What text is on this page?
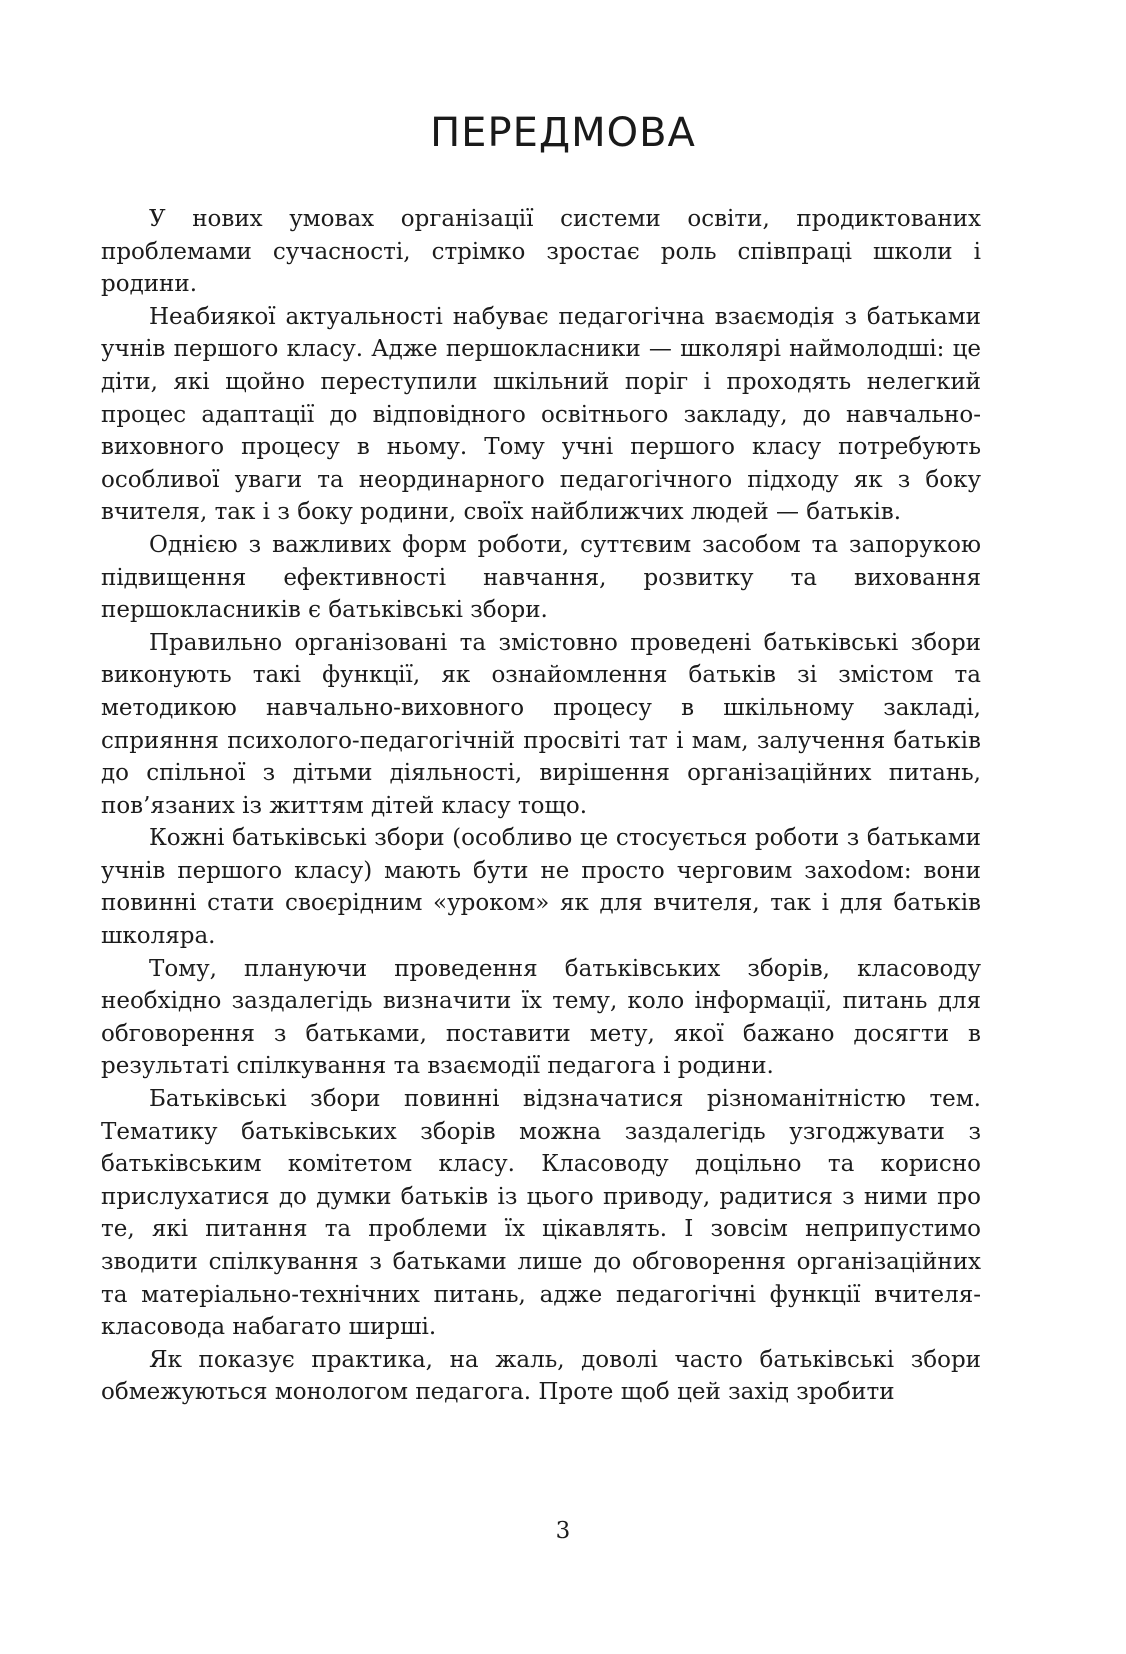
ПЕРЕДМОВА

У нових умовах організації системи освіти, продиктованих проблемами сучасності, стрімко зростає роль співпраці школи і родини.

Неабиякої актуальності набуває педагогічна взаємодія з батьками учнів першого класу. Адже першокласники — школярі наймолодші: це діти, які щойно переступили шкільний поріг і проходять нелегкий процес адаптації до відповідного освітнього закладу, до навчально-виховного процесу в ньому. Тому учні першого класу потребують особливої уваги та неординарного педагогічного підходу як з боку вчителя, так і з боку родини, своїх найближчих людей — батьків.

Однією з важливих форм роботи, суттєвим засобом та запорукою підвищення ефективності навчання, розвитку та виховання першокласників є батьківські збори.

Правильно організовані та змістовно проведені батьківські збори виконують такі функції, як ознайомлення батьків зі змістом та методикою навчально-виховного процесу в шкільному закладі, сприяння психолого-педагогічній просвіті тат і мам, залучення батьків до спільної з дітьми діяльності, вирішення організаційних питань, пов’язаних із життям дітей класу тощо.

Кожні батьківські збори (особливо це стосується роботи з батьками учнів першого класу) мають бути не просто черговим захоdом: вони повинні стати своєрідним «уроком» як для вчителя, так і для батьків школяра.

Тому, плануючи проведення батьківських зборів, класоводу необхідно заздалегідь визначити їх тему, коло інформації, питань для обговорення з батьками, поставити мету, якої бажано досягти в результаті спілкування та взаємодії педагога і родини.

Батьківські збори повинні відзначатися різноманітністю тем. Тематику батьківських зборів можна заздалегідь узгоджувати з батьківським комітетом класу. Класоводу доцільно та корисно прислухатися до думки батьків із цього приводу, радитися з ними про те, які питання та проблеми їх цікавлять. І зовсім неприпустимо зводити спілкування з батьками лише до обговорення організаційних та матеріально-технічних питань, адже педагогічні функції вчителя-класовода набагато ширші.

Як показує практика, на жаль, доволі часто батьківські збори обмежуються монологом педагога. Проте щоб цей захід зробити

3
